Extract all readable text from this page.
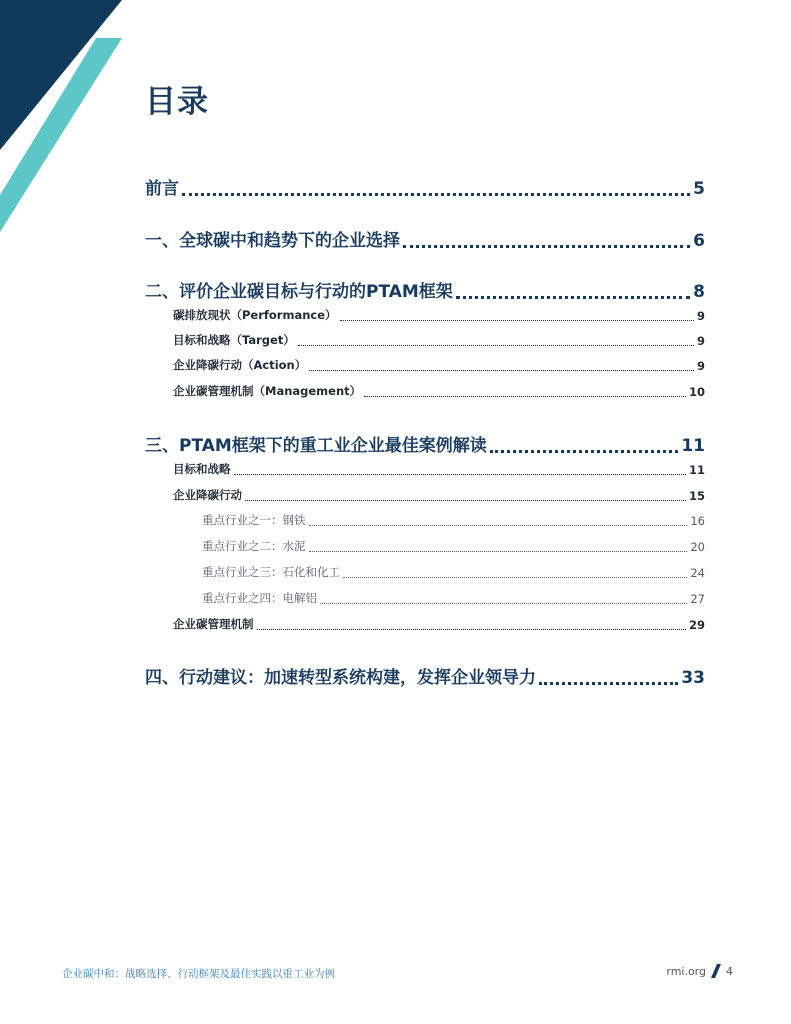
目录
前言	5
一、全球碳中和趋势下的企业选择	6
二、评价企业碳目标与行动的PTAM框架	8
碳排放现状（Performance）	9
目标和战略（Target）	9
企业降碳行动（Action）	9
企业碳管理机制（Management）	10
三、PTAM框架下的重工业企业最佳案例解读	11
目标和战略	11
企业降碳行动	15
重点行业之一：钢铁	16
重点行业之二：水泥	20
重点行业之三：石化和化工	24
重点行业之四：电解铝	27
企业碳管理机制	29
四、行动建议：加速转型系统构建，发挥企业领导力	33
企业碳中和：战略选择、行动框架及最佳实践以重工业为例	rmi.org 4
